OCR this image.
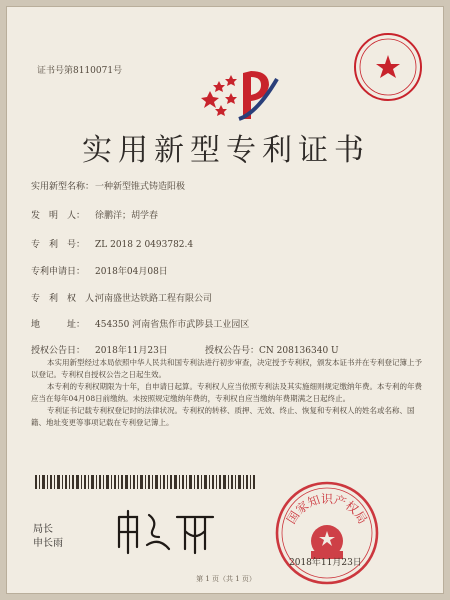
证书号第8110071号
实用新型专利证书
实用新型名称：一种新型锥式铸造阳极
发　明　人： 徐鹏洋；胡学春
专　利　号： ZL 2018 2 0493782.4
专利申请日： 2018年04月08日
专　利　权　人：河南盛世达铁路工程有限公司
地　　　址： 454350 河南省焦作市武陟县工业园区
授权公告日： 2018年11月23日	授权公告号：CN 208136340 U

本实用新型经过本局依照中华人民共和国专利法进行初步审查，决定授予专利权，颁发本证书并在专利登记簿上予以登记。专利权自授权公告之日起生效。

本专利的专利权期限为十年，自申请日起算。专利权人应当依照专利法及其实施细则规定缴纳年费。本专利的年费应当在每年04月08日前缴纳。未按照规定缴纳年费的，专利权自应当缴纳年费期满之日起终止。

专利证书记载专利权登记时的法律状况。专利权的转移、质押、无效、终止、恢复和专利权人的姓名或名称、国籍、地址变更等事项记载在专利登记簿上。

局长
申长雨
国家知识产权局
2018年11月23日
第 1 页（共 1 页）
